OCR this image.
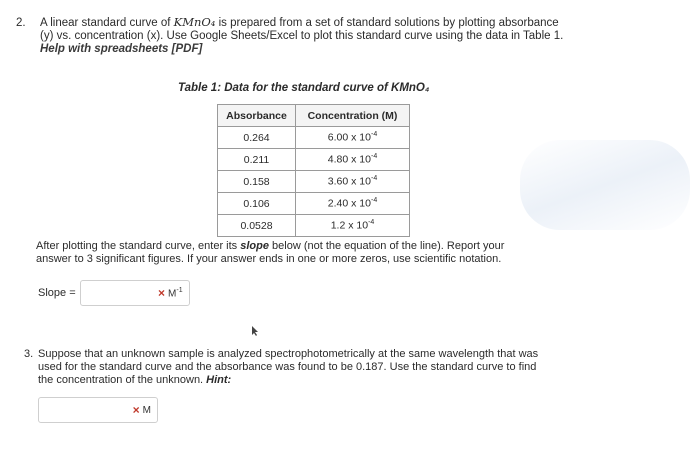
2. A linear standard curve of KMnO₄ is prepared from a set of standard solutions by plotting absorbance
(y) vs. concentration (x). Use Google Sheets/Excel to plot this standard curve using the data in Table 1.
Help with spreadsheets [PDF]
Table 1: Data for the standard curve of KMnO₄
Absorbance	Concentration (M)
0.264	6.00 x $10^{-4}$
0.211	4.80 x $10^{-4}$
0.158	3.60 x $10^{-4}$
0.106	2.40 x $10^{-4}$
0.0528	1.2 x $10^{-4}$
After plotting the standard curve, enter its slope below (not the equation of the line). Report your
answer to 3 significant figures. If your answer ends in one or more zeros, use scientific notation.
Slope =	× $M^{-1}$
3. Suppose that an unknown sample is analyzed spectrophotometrically at the same wavelength that was
used for the standard curve and the absorbance was found to be 0.187. Use the standard curve to find
the concentration of the unknown. Hint:
× M
